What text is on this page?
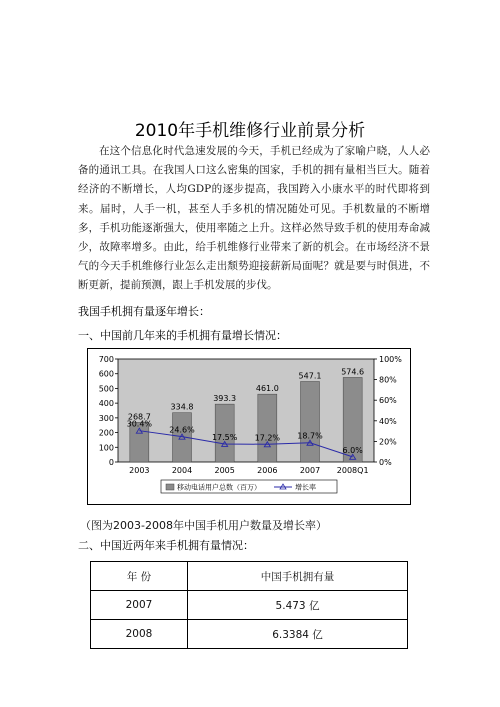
2010年手机维修行业前景分析

在这个信息化时代急速发展的今天，手机已经成为了家喻户晓，人人必备的通讯工具。在我国人口这么密集的国家，手机的拥有量相当巨大。随着经济的不断增长，人均GDP的逐步提高，我国跨入小康水平的时代即将到来。届时，人手一机，甚至人手多机的情况随处可见。手机数量的不断增多，手机功能逐渐强大，使用率随之上升。这样必然导致手机的使用寿命减少，故障率增多。由此，给手机维修行业带来了新的机会。在市场经济不景气的今天手机维修行业怎么走出颓势迎接薪新局面呢？就是要与时俱进，不断更新，提前预测，跟上手机发展的步伐。

我国手机拥有量逐年增长：
一、中国前几年来的手机拥有量增长情况：
700
600
500
400
300
200
100
0
100%
80%
60%
40%
20%
0%
268.7
334.8
393.3
461.0
547.1 574.6
2003	2004	2005	2006	2007 2008Q1
30.4%
24.6%
17.5% 17.2% 18.7%
6.0%
移动电话用户总数（百万）	增长率
（图为2003-2008年中国手机用户数量及增长率）
二、中国近两年来手机拥有量情况：
年 份	中国手机拥有量
2007	5.473 亿
2008	6.3384 亿
